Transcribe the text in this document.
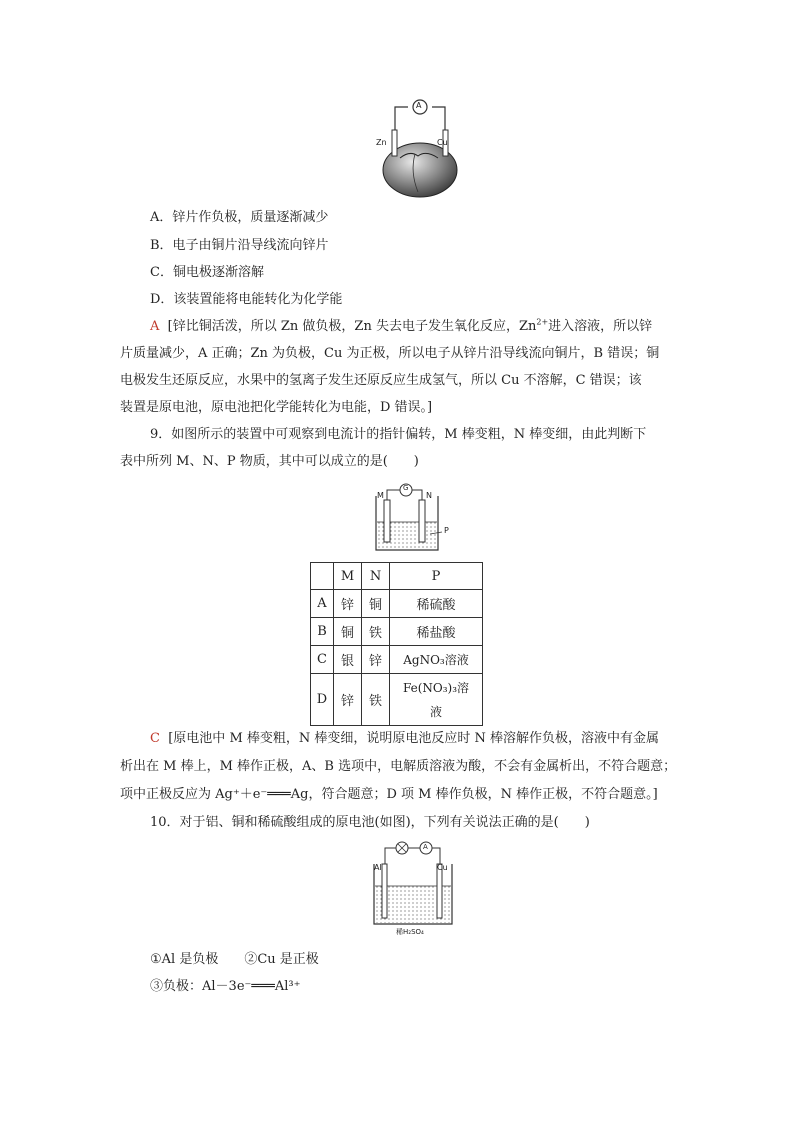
A
Zn	Cu
A．锌片作负极，质量逐渐减少
B．电子由铜片沿导线流向锌片
C．铜电极逐渐溶解
D．该装置能将电能转化为化学能
A [锌比铜活泼，所以 Zn 做负极，Zn 失去电子发生氧化反应，$Zn^{2+}$进入溶液，所以锌
片质量减少，A 正确；Zn 为负极，Cu 为正极，所以电子从锌片沿导线流向铜片，B 错误；铜
电极发生还原反应，水果中的氢离子发生还原反应生成氢气，所以 Cu 不溶解，C 错误；该
装置是原电池，原电池把化学能转化为电能，D 错误。]
9．如图所示的装置中可观察到电流计的指针偏转，M 棒变粗，N 棒变细，由此判断下
表中所列 M、N、P 物质，其中可以成立的是(　　)
G
M	N
P
	M	N	P
A	锌	铜	稀硫酸
B	铜	铁	稀盐酸
C	银	锌	AgNO₃溶液
D	锌	铁	Fe(NO₃)₃溶
液
C [原电池中 M 棒变粗，N 棒变细，说明原电池反应时 N 棒溶解作负极，溶液中有金属
析出在 M 棒上，M 棒作正极，A、B 选项中，电解质溶液为酸，不会有金属析出，不符合题意；
项中正极反应为 Ag⁺＋e⁻═══Ag，符合题意；D 项 M 棒作负极，N 棒作正极，不符合题意。]
10．对于铝、铜和稀硫酸组成的原电池(如图)，下列有关说法正确的是(　　)
A
Al	Cu
稀H₂SO₄
①Al 是负极　　②Cu 是正极
③负极：Al－3e⁻═══Al³⁺
